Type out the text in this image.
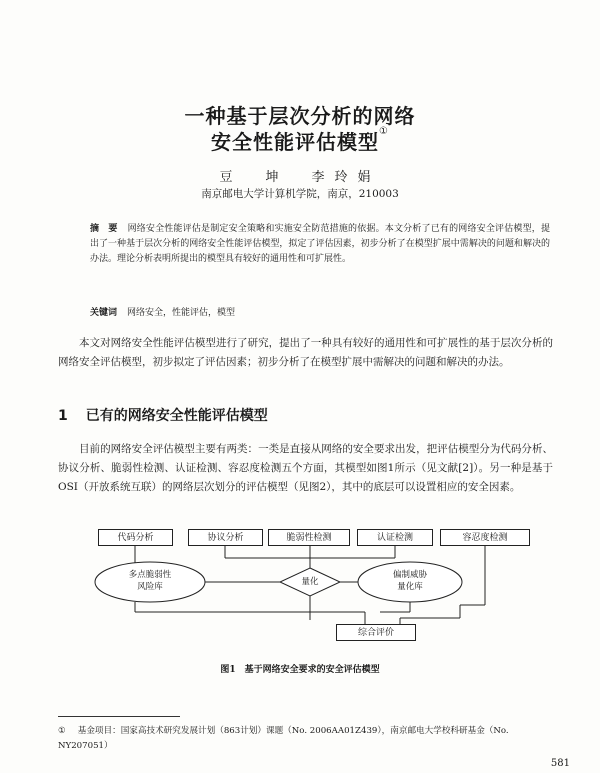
一种基于层次分析的网络
安全性能评估模型①
豆　坤　李玲娟
南京邮电大学计算机学院，南京，210003
摘　要 网络安全性能评估是制定安全策略和实施安全防范措施的依据。本文分析了已有的网络安全评估模型，提出了一种基于层次分析的网络安全性能评估模型，拟定了评估因素，初步分析了在模型扩展中需解决的问题和解决的办法。理论分析表明所提出的模型具有较好的通用性和可扩展性。
关键词 网络安全，性能评估，模型
本文对网络安全性能评估模型进行了研究，提出了一种具有较好的通用性和可扩展性的基于层次分析的网络安全评估模型，初步拟定了评估因素；初步分析了在模型扩展中需解决的问题和解决的办法。
1 已有的网络安全性能评估模型
目前的网络安全评估模型主要有两类：一类是直接从网络的安全要求出发，把评估模型分为代码分析、协议分析、脆弱性检测、认证检测、容忍度检测五个方面，其模型如图1所示（见文献[2]）。另一种是基于OSI（开放系统互联）的网络层次划分的评估模型（见图2），其中的底层可以设置相应的安全因素。
代码分析	协议分析	脆弱性检测	认证检测	容忍度检测
多点脆弱性
风险库	量化
偏制威胁
量化库
综合评价
图1　基于网络安全要求的安全评估模型
① 基金项目：国家高技术研究发展计划（863计划）课题（No. 2006AA01Z439），南京邮电大学校科研基金（No. NY207051）
581
